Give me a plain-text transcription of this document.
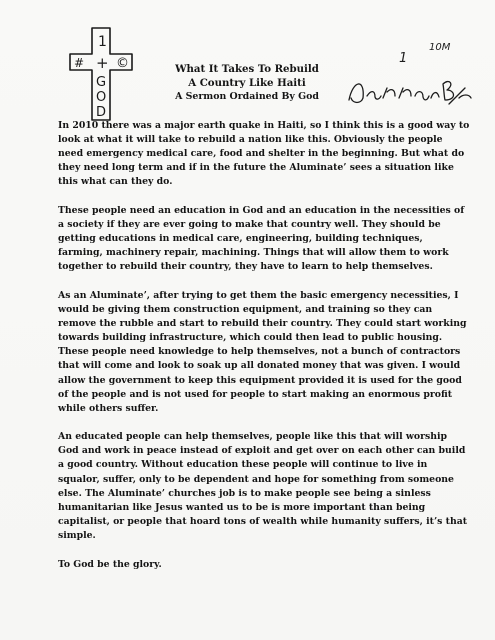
1
# + ©
G
O
D
What It Takes To Rebuild
A Country Like Haiti
A Sermon Ordained By God
1
10M

In 2010 there was a major earth quake in Haiti, so I think this is a good way to look at what it will take to rebuild a nation like this. Obviously the people need emergency medical care, food and shelter in the beginning. But what do they need long term and if in the future the Aluminate’ sees a situation like this what can they do.

These people need an education in God and an education in the necessities of a society if they are ever going to make that country well. They should be getting educations in medical care, engineering, building techniques, farming, machinery repair, machining. Things that will allow them to work together to rebuild their country, they have to learn to help themselves.

As an Aluminate’, after trying to get them the basic emergency necessities, I would be giving them construction equipment, and training so they can remove the rubble and start to rebuild their country. They could start working towards building infrastructure, which could then lead to public housing. These people need knowledge to help themselves, not a bunch of contractors that will come and look to soak up all donated money that was given. I would allow the government to keep this equipment provided it is used for the good of the people and is not used for people to start making an enormous profit while others suffer.

An educated people can help themselves, people like this that will worship God and work in peace instead of exploit and get over on each other can build a good country. Without education these people will continue to live in squalor, suffer, only to be dependent and hope for something from someone else. The Aluminate’ churches job is to make people see being a sinless humanitarian like Jesus wanted us to be is more important than being capitalist, or people that hoard tons of wealth while humanity suffers, it’s that simple.

To God be the glory.
